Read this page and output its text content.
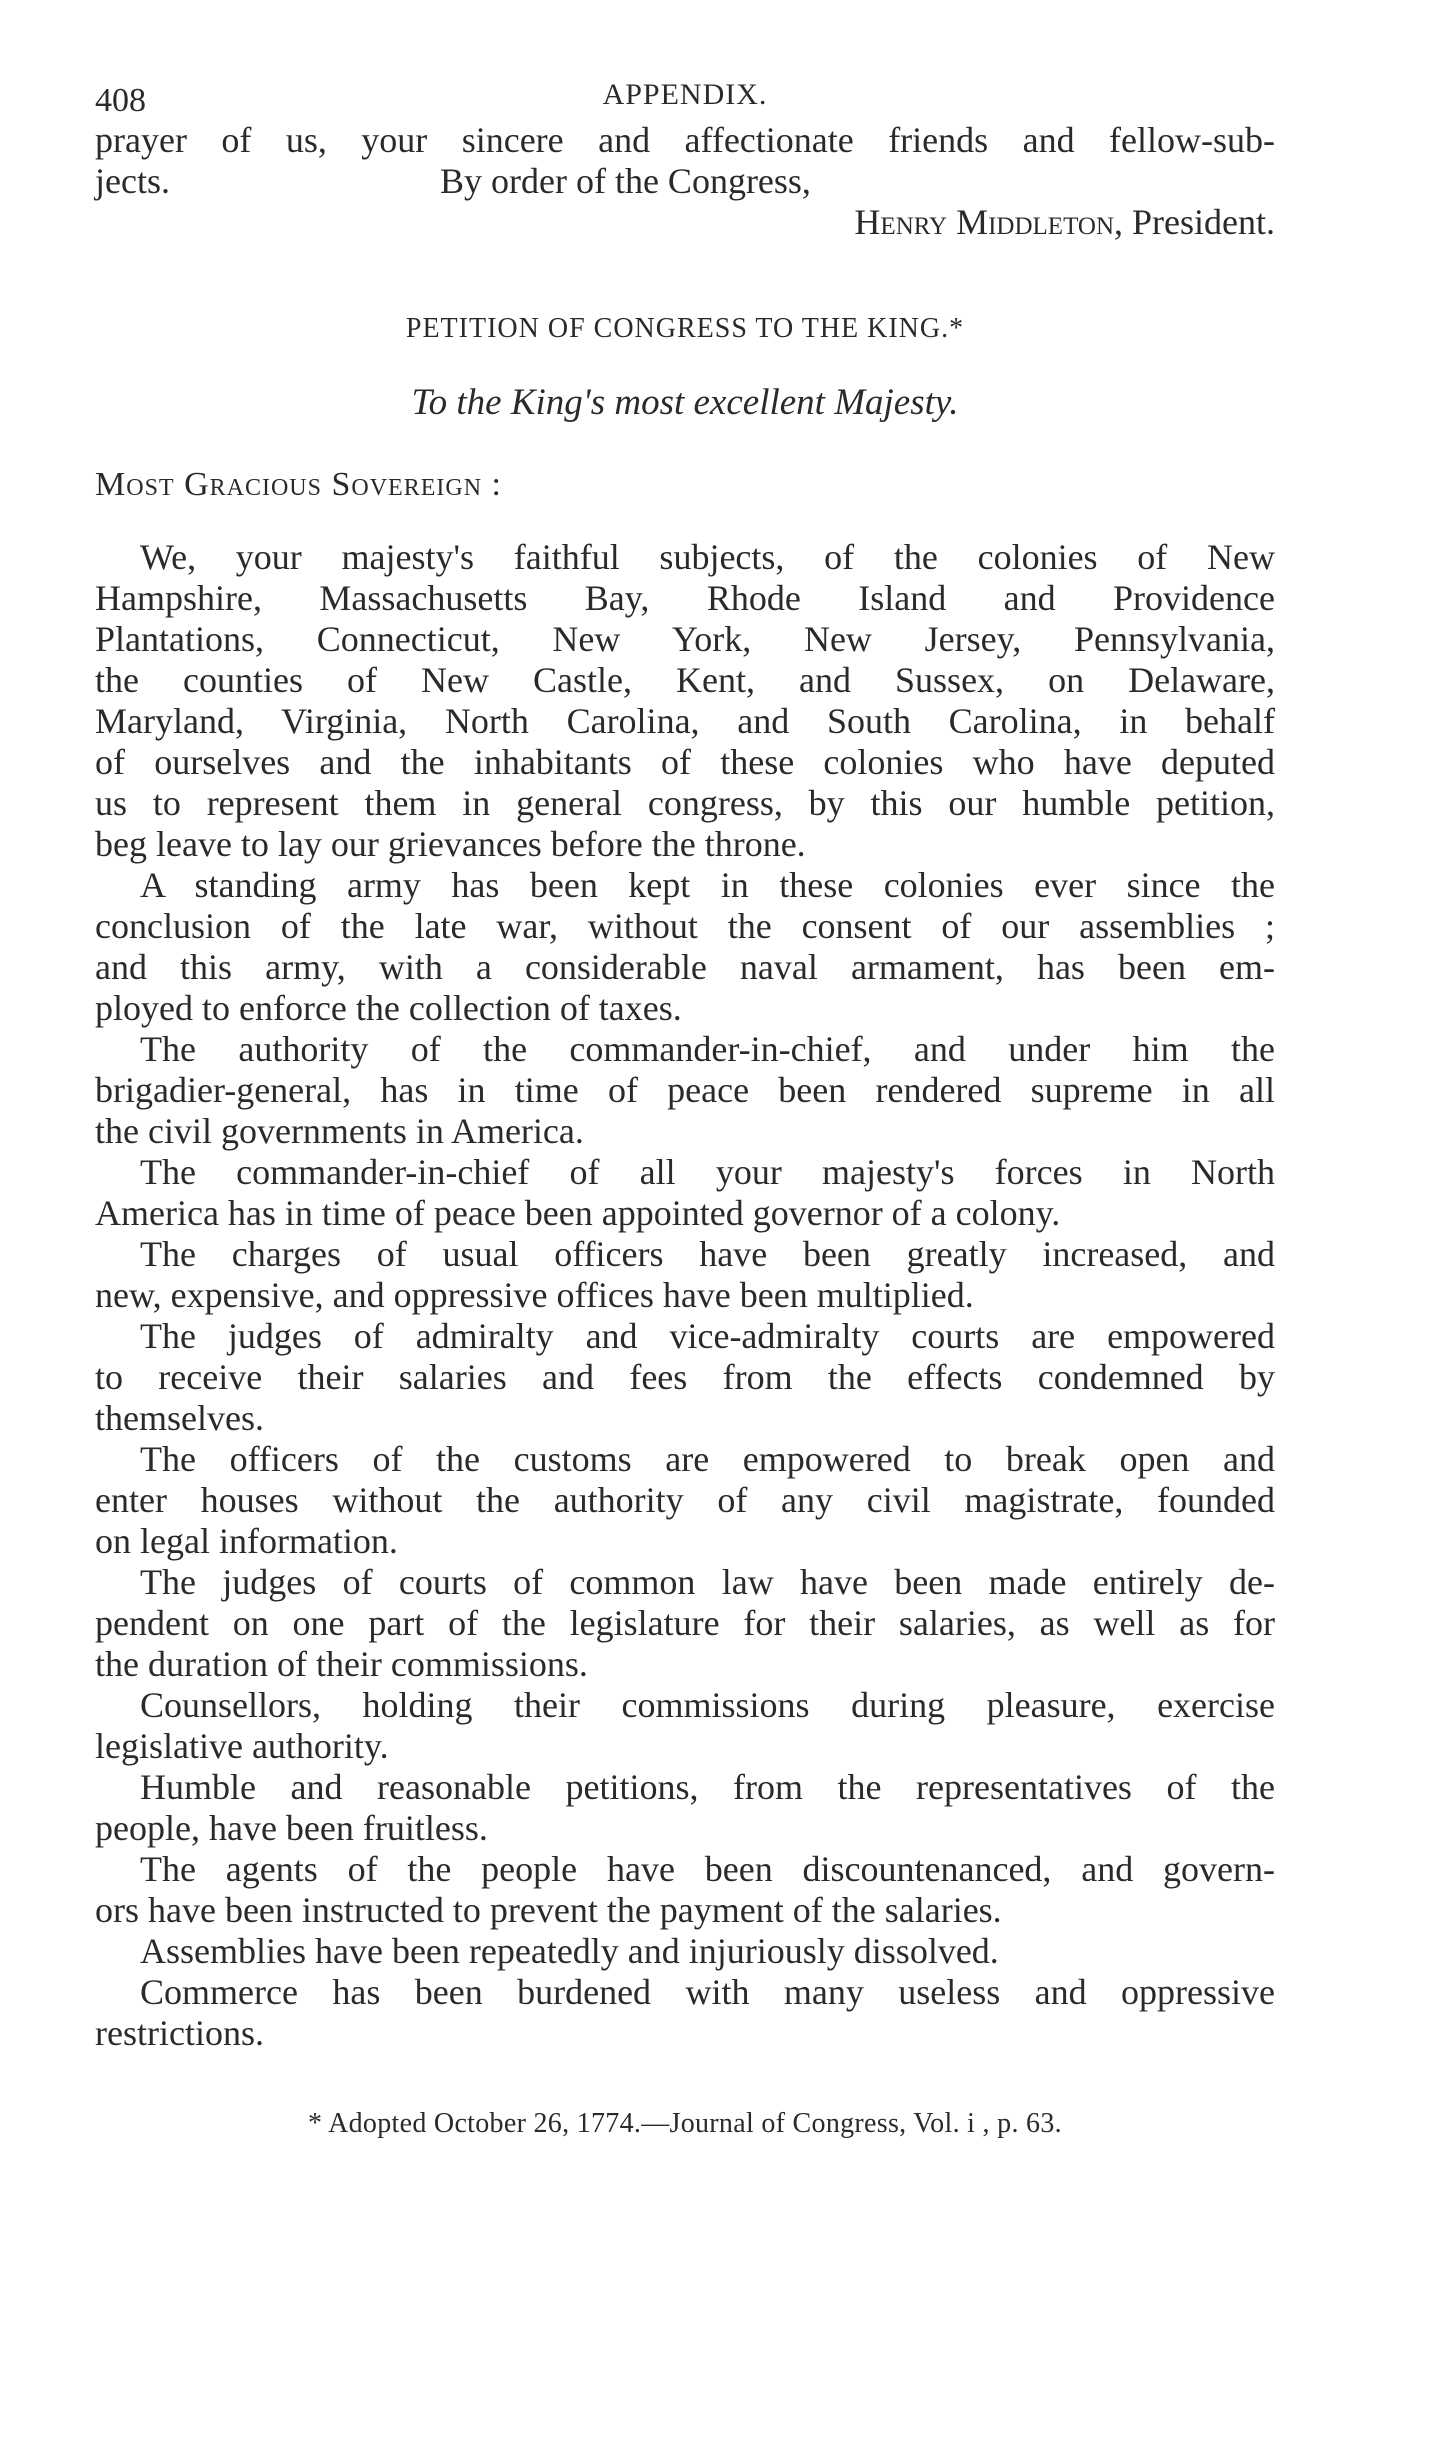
408	APPENDIX.
prayer of us, your sincere and affectionate friends and fellow-sub-
jects.	By order of the Congress,
Henry Middleton, President.
PETITION OF CONGRESS TO THE KING.*
To the King's most excellent Majesty.
Most Gracious Sovereign :
We, your majesty's faithful subjects, of the colonies of New
Hampshire, Massachusetts Bay, Rhode Island and Providence
Plantations, Connecticut, New York, New Jersey, Pennsylvania,
the counties of New Castle, Kent, and Sussex, on Delaware,
Maryland, Virginia, North Carolina, and South Carolina, in behalf
of ourselves and the inhabitants of these colonies who have deputed
us to represent them in general congress, by this our humble petition,
beg leave to lay our grievances before the throne.
A standing army has been kept in these colonies ever since the
conclusion of the late war, without the consent of our assemblies ;
and this army, with a considerable naval armament, has been em-
ployed to enforce the collection of taxes.
The authority of the commander-in-chief, and under him the
brigadier-general, has in time of peace been rendered supreme in all
the civil governments in America.
The commander-in-chief of all your majesty's forces in North
America has in time of peace been appointed governor of a colony.
The charges of usual officers have been greatly increased, and
new, expensive, and oppressive offices have been multiplied.
The judges of admiralty and vice-admiralty courts are empowered
to receive their salaries and fees from the effects condemned by
themselves.
The officers of the customs are empowered to break open and
enter houses without the authority of any civil magistrate, founded
on legal information.
The judges of courts of common law have been made entirely de-
pendent on one part of the legislature for their salaries, as well as for
the duration of their commissions.
Counsellors, holding their commissions during pleasure, exercise
legislative authority.
Humble and reasonable petitions, from the representatives of the
people, have been fruitless.
The agents of the people have been discountenanced, and govern-
ors have been instructed to prevent the payment of the salaries.
Assemblies have been repeatedly and injuriously dissolved.
Commerce has been burdened with many useless and oppressive
restrictions.
* Adopted October 26, 1774.—Journal of Congress, Vol. i , p. 63.
